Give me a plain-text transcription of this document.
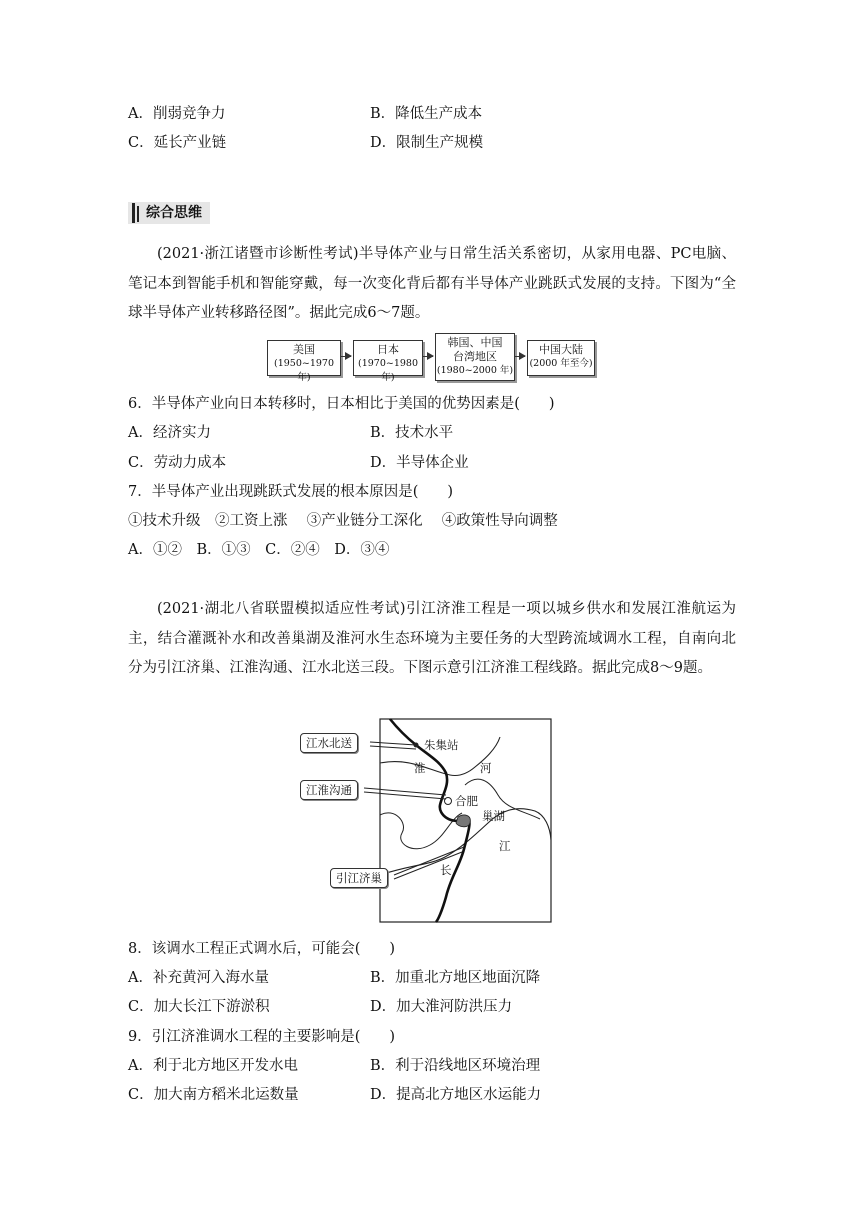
A．削弱竞争力	B．降低生产成本
C．延长产业链	D．限制生产规模
综合思维
(2021·浙江诸暨市诊断性考试)半导体产业与日常生活关系密切，从家用电器、PC电脑、笔记本到智能手机和智能穿戴，每一次变化背后都有半导体产业跳跃式发展的支持。下图为“全球半导体产业转移路径图”。据此完成6～7题。
美国
(1950~1970 年)
日本
(1970~1980 年)
韩国、中国
台湾地区
(1980~2000 年)
中国大陆
(2000 年至今)
6．半导体产业向日本转移时，日本相比于美国的优势因素是(　　)
A．经济实力	B．技术水平
C．劳动力成本	D．半导体企业
7．半导体产业出现跳跃式发展的根本原因是(　　)
①技术升级　②工资上涨　 ③产业链分工深化　 ④政策性导向调整
A．①②　B．①③　C．②④　D．③④
(2021·湖北八省联盟模拟适应性考试)引江济淮工程是一项以城乡供水和发展江淮航运为主，结合灌溉补水和改善巢湖及淮河水生态环境为主要任务的大型跨流域调水工程，自南向北分为引江济巢、江淮沟通、江水北送三段。下图示意引江济淮工程线路。据此完成8～9题。
江水北送
江淮沟通
引江济巢
朱集站
淮	河
合肥
巢湖
江
长
8．该调水工程正式调水后，可能会(　　)
A．补充黄河入海水量	B．加重北方地区地面沉降
C．加大长江下游淤积	D．加大淮河防洪压力
9．引江济淮调水工程的主要影响是(　　)
A．利于北方地区开发水电	B．利于沿线地区环境治理
C．加大南方稻米北运数量	D．提高北方地区水运能力
